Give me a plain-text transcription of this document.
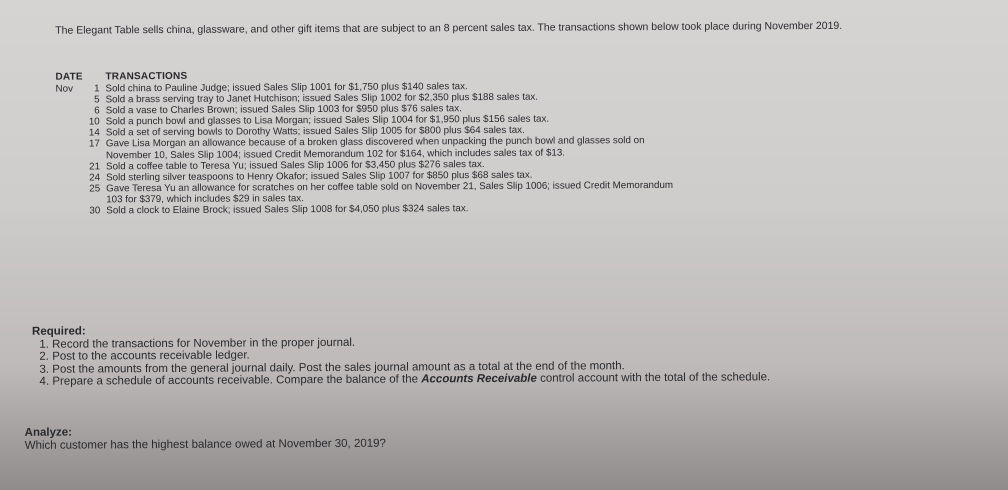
The Elegant Table sells china, glassware, and other gift items that are subject to an 8 percent sales tax. The transactions shown below took place during November 2019.
DATE TRANSACTIONS
Nov 1 Sold china to Pauline Judge; issued Sales Slip 1001 for $1,750 plus $140 sales tax.
5 Sold a brass serving tray to Janet Hutchison; issued Sales Slip 1002 for $2,350 plus $188 sales tax.
6 Sold a vase to Charles Brown; issued Sales Slip 1003 for $950 plus $76 sales tax.
10 Sold a punch bowl and glasses to Lisa Morgan; issued Sales Slip 1004 for $1,950 plus $156 sales tax.
14 Sold a set of serving bowls to Dorothy Watts; issued Sales Slip 1005 for $800 plus $64 sales tax.
17 Gave Lisa Morgan an allowance because of a broken glass discovered when unpacking the punch bowl and glasses sold on November 10, Sales Slip 1004; issued Credit Memorandum 102 for $164, which includes sales tax of $13.
21 Sold a coffee table to Teresa Yu; issued Sales Slip 1006 for $3,450 plus $276 sales tax.
24 Sold sterling silver teaspoons to Henry Okafor; issued Sales Slip 1007 for $850 plus $68 sales tax.
25 Gave Teresa Yu an allowance for scratches on her coffee table sold on November 21, Sales Slip 1006; issued Credit Memorandum 103 for $379, which includes $29 in sales tax.
30 Sold a clock to Elaine Brock; issued Sales Slip 1008 for $4,050 plus $324 sales tax.
Required:
1. Record the transactions for November in the proper journal.
2. Post to the accounts receivable ledger.
3. Post the amounts from the general journal daily. Post the sales journal amount as a total at the end of the month.
4. Prepare a schedule of accounts receivable. Compare the balance of the Accounts Receivable control account with the total of the schedule.
Analyze:
Which customer has the highest balance owed at November 30, 2019?
